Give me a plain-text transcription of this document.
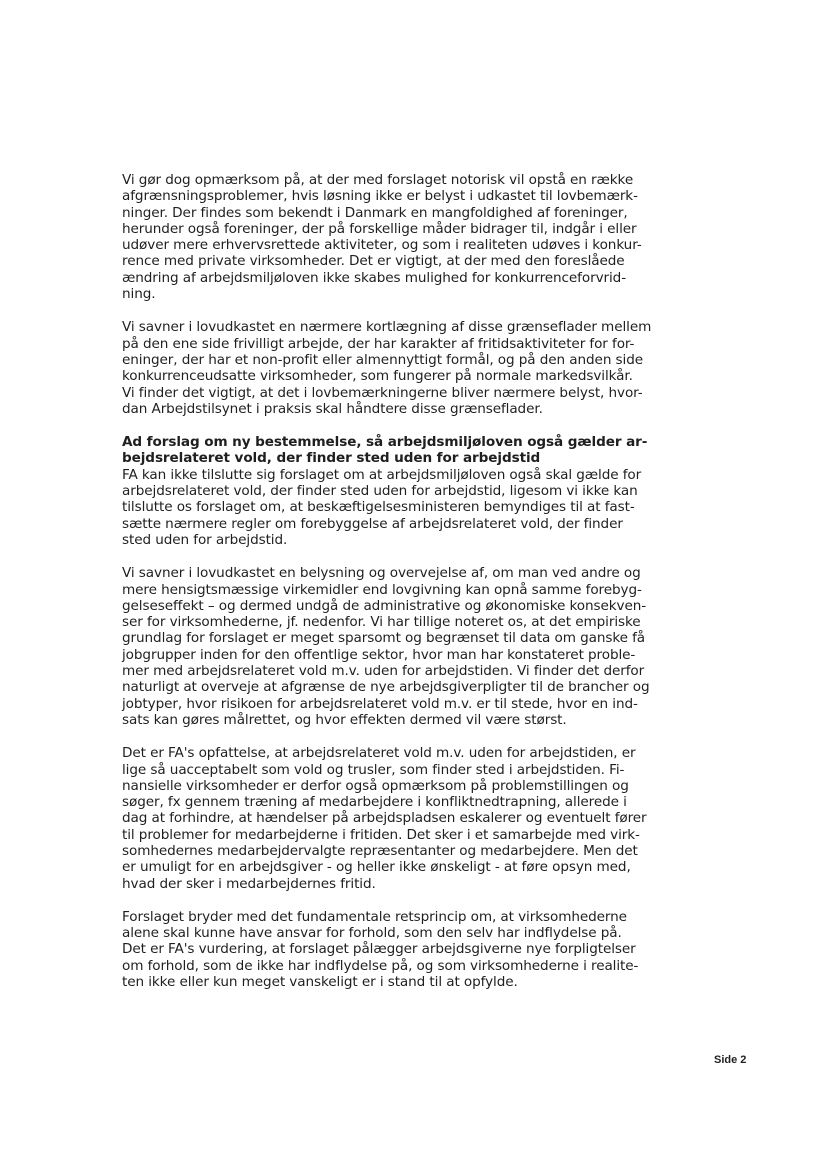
Vi gør dog opmærksom på, at der med forslaget notorisk vil opstå en række
afgrænsningsproblemer, hvis løsning ikke er belyst i udkastet til lovbemærk-
ninger. Der findes som bekendt i Danmark en mangfoldighed af foreninger,
herunder også foreninger, der på forskellige måder bidrager til, indgår i eller
udøver mere erhvervsrettede aktiviteter, og som i realiteten udøves i konkur-
rence med private virksomheder. Det er vigtigt, at der med den foreslåede
ændring af arbejdsmiljøloven ikke skabes mulighed for konkurrenceforvrid-
ning.

Vi savner i lovudkastet en nærmere kortlægning af disse grænseflader mellem
på den ene side frivilligt arbejde, der har karakter af fritidsaktiviteter for for-
eninger, der har et non-profit eller almennyttigt formål, og på den anden side
konkurrenceudsatte virksomheder, som fungerer på normale markedsvilkår.
Vi finder det vigtigt, at det i lovbemærkningerne bliver nærmere belyst, hvor-
dan Arbejdstilsynet i praksis skal håndtere disse grænseflader.

Ad forslag om ny bestemmelse, så arbejdsmiljøloven også gælder ar-
bejdsrelateret vold, der finder sted uden for arbejdstid

FA kan ikke tilslutte sig forslaget om at arbejdsmiljøloven også skal gælde for
arbejdsrelateret vold, der finder sted uden for arbejdstid, ligesom vi ikke kan
tilslutte os forslaget om, at beskæftigelsesministeren bemyndiges til at fast-
sætte nærmere regler om forebyggelse af arbejdsrelateret vold, der finder
sted uden for arbejdstid.

Vi savner i lovudkastet en belysning og overvejelse af, om man ved andre og
mere hensigtsmæssige virkemidler end lovgivning kan opnå samme forebyg-
gelseseffekt – og dermed undgå de administrative og økonomiske konsekven-
ser for virksomhederne, jf. nedenfor. Vi har tillige noteret os, at det empiriske
grundlag for forslaget er meget sparsomt og begrænset til data om ganske få
jobgrupper inden for den offentlige sektor, hvor man har konstateret proble-
mer med arbejdsrelateret vold m.v. uden for arbejdstiden. Vi finder det derfor
naturligt at overveje at afgrænse de nye arbejdsgiverpligter til de brancher og
jobtyper, hvor risikoen for arbejdsrelateret vold m.v. er til stede, hvor en ind-
sats kan gøres målrettet, og hvor effekten dermed vil være størst.

Det er FA's opfattelse, at arbejdsrelateret vold m.v. uden for arbejdstiden, er
lige så uacceptabelt som vold og trusler, som finder sted i arbejdstiden. Fi-
nansielle virksomheder er derfor også opmærksom på problemstillingen og
søger, fx gennem træning af medarbejdere i konfliktnedtrapning, allerede i
dag at forhindre, at hændelser på arbejdspladsen eskalerer og eventuelt fører
til problemer for medarbejderne i fritiden. Det sker i et samarbejde med virk-
somhedernes medarbejdervalgte repræsentanter og medarbejdere. Men det
er umuligt for en arbejdsgiver - og heller ikke ønskeligt - at føre opsyn med,
hvad der sker i medarbejdernes fritid.

Forslaget bryder med det fundamentale retsprincip om, at virksomhederne
alene skal kunne have ansvar for forhold, som den selv har indflydelse på.
Det er FA's vurdering, at forslaget pålægger arbejdsgiverne nye forpligtelser
om forhold, som de ikke har indflydelse på, og som virksomhederne i realite-
ten ikke eller kun meget vanskeligt er i stand til at opfylde.

Side 2
